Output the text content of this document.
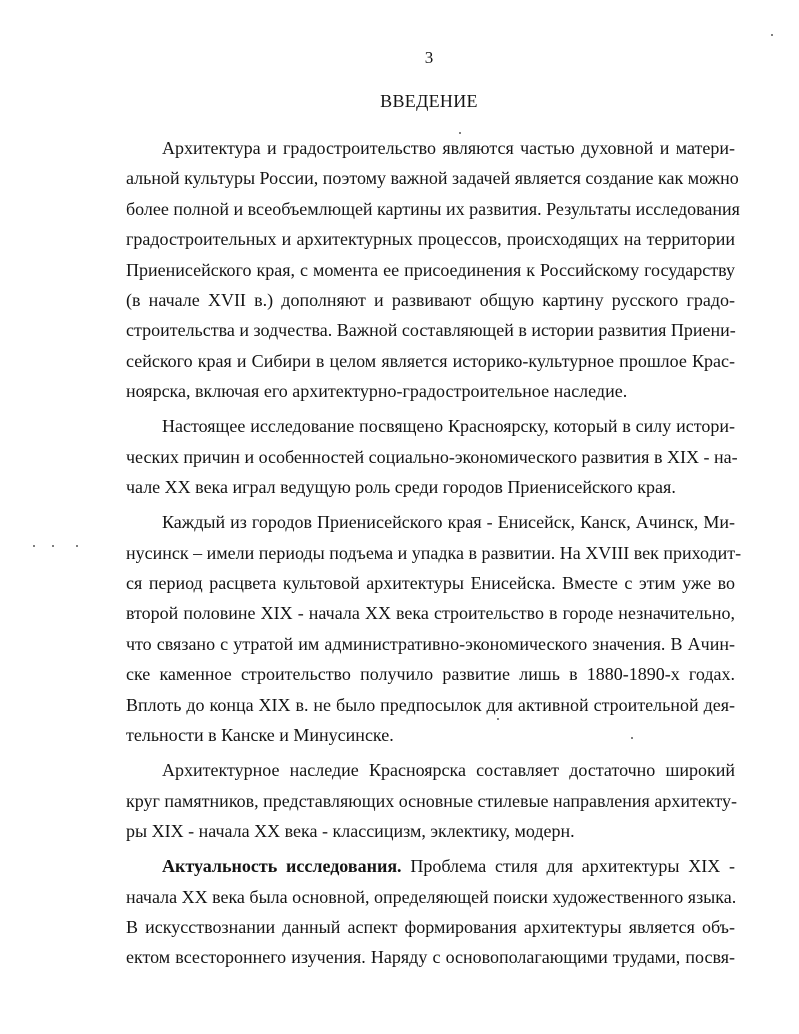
3
ВВЕДЕНИЕ
Архитектура и градостроительство являются частью духовной и матери-
альной культуры России, поэтому важной задачей является создание как можно
более полной и всеобъемлющей картины их развития. Результаты исследования
градостроительных и архитектурных процессов, происходящих на территории
Приенисейского края, с момента ее присоединения к Российскому государству
(в начале XVII в.) дополняют и развивают общую картину русского градо-
строительства и зодчества. Важной составляющей в истории развития Приени-
сейского края и Сибири в целом является историко-культурное прошлое Крас-
ноярска, включая его архитектурно-градостроительное наследие.
Настоящее исследование посвящено Красноярску, который в силу истори-
ческих причин и особенностей социально-экономического развития в XIX - на-
чале XX века играл ведущую роль среди городов Приенисейского края.
Каждый из городов Приенисейского края - Енисейск, Канск, Ачинск, Ми-
нусинск – имели периоды подъема и упадка в развитии. На XVIII век приходит-
ся период расцвета культовой архитектуры Енисейска. Вместе с этим уже во
второй половине XIX - начала XX века строительство в городе незначительно,
что связано с утратой им административно-экономического значения. В Ачин-
ске каменное строительство получило развитие лишь в 1880-1890-х годах.
Вплоть до конца XIX в. не было предпосылок для активной строительной дея-
тельности в Канске и Минусинске.
Архитектурное наследие Красноярска составляет достаточно широкий
круг памятников, представляющих основные стилевые направления архитекту-
ры XIX - начала XX века - классицизм, эклектику, модерн.
Актуальность исследования. Проблема стиля для архитектуры XIX -
начала XX века была основной, определяющей поиски художественного языка.
В искусствознании данный аспект формирования архитектуры является объ-
ектом всестороннего изучения. Наряду с основополагающими трудами, посвя-
